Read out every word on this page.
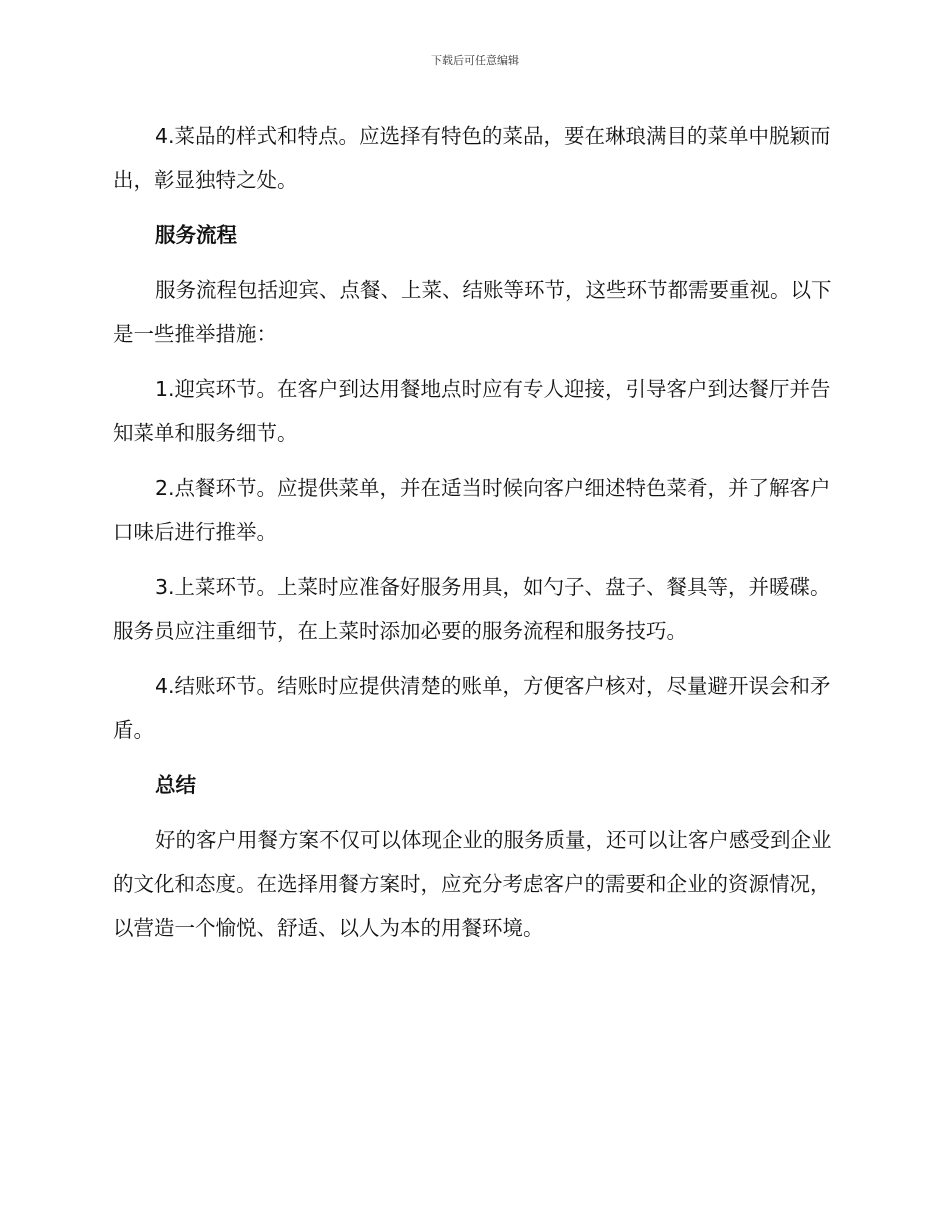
下载后可任意编辑

4.菜品的样式和特点。应选择有特色的菜品，要在琳琅满目的菜单中脱颖而出，彰显独特之处。

服务流程

服务流程包括迎宾、点餐、上菜、结账等环节，这些环节都需要重视。以下是一些推举措施：

1.迎宾环节。在客户到达用餐地点时应有专人迎接，引导客户到达餐厅并告知菜单和服务细节。

2.点餐环节。应提供菜单，并在适当时候向客户细述特色菜肴，并了解客户口味后进行推举。

3.上菜环节。上菜时应准备好服务用具，如勺子、盘子、餐具等，并暖碟。服务员应注重细节，在上菜时添加必要的服务流程和服务技巧。

4.结账环节。结账时应提供清楚的账单，方便客户核对，尽量避开误会和矛盾。

总结

好的客户用餐方案不仅可以体现企业的服务质量，还可以让客户感受到企业的文化和态度。在选择用餐方案时，应充分考虑客户的需要和企业的资源情况，以营造一个愉悦、舒适、以人为本的用餐环境。
